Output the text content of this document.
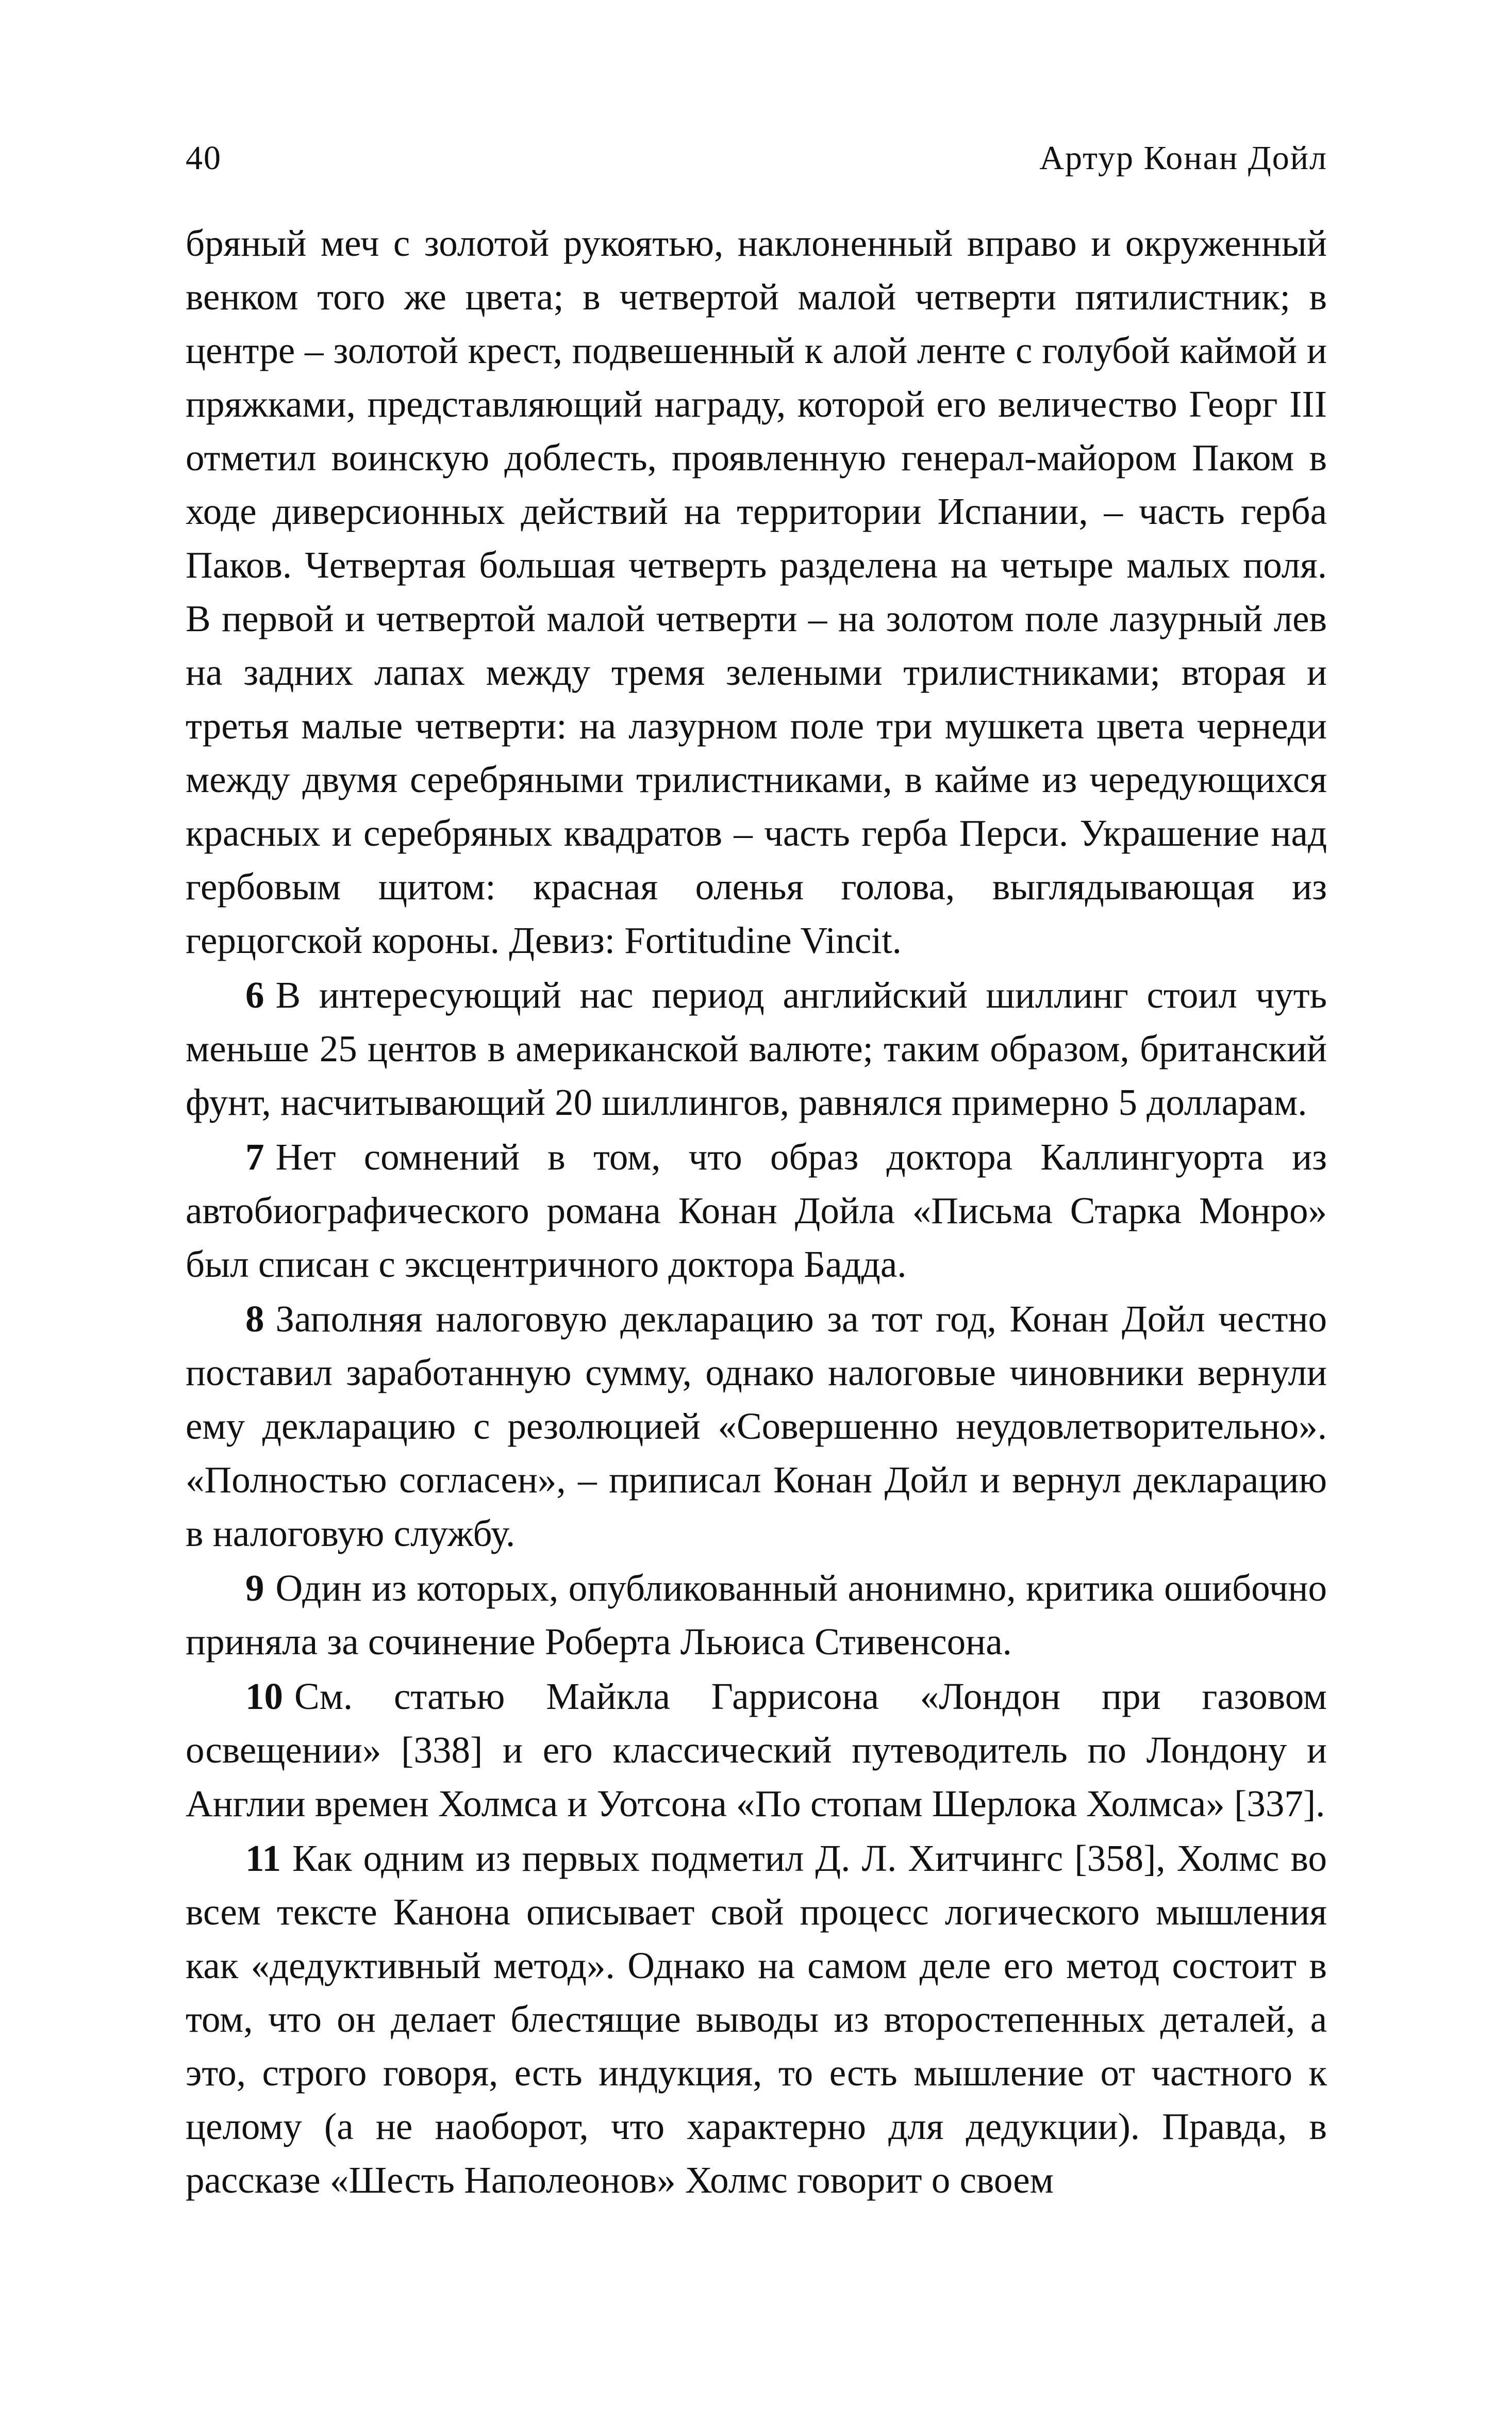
40	Артур Конан Дойл

бряный меч с золотой рукоятью, наклоненный вправо и окруженный венком того же цвета; в четвертой малой четверти пятилистник; в центре – золотой крест, подвешенный к алой ленте с голубой каймой и пряжками, представляющий награду, которой его величество Георг III отметил воинскую доблесть, проявленную генерал-майором Паком в ходе диверсионных действий на территории Испании, – часть герба Паков. Четвертая большая четверть разделена на четыре малых поля. В первой и четвертой малой четверти – на золотом поле лазурный лев на задних лапах между тремя зелеными трилистниками; вторая и третья малые четверти: на лазурном поле три мушкета цвета чернеди между двумя серебряными трилистниками, в кайме из чередующихся красных и серебряных квадратов – часть герба Перси. Украшение над гербовым щитом: красная оленья голова, выглядывающая из герцогской короны. Девиз: Fortitudine Vincit.

6 В интересующий нас период английский шиллинг стоил чуть меньше 25 центов в американской валюте; таким образом, британский фунт, насчитывающий 20 шиллингов, равнялся примерно 5 долларам.

7 Нет сомнений в том, что образ доктора Каллингуорта из автобиографического романа Конан Дойла «Письма Старка Монро» был списан с эксцентричного доктора Бадда.

8 Заполняя налоговую декларацию за тот год, Конан Дойл честно поставил заработанную сумму, однако налоговые чиновники вернули ему декларацию с резолюцией «Совершенно неудовлетворительно». «Полностью согласен», – приписал Конан Дойл и вернул декларацию в налоговую службу.

9 Один из которых, опубликованный анонимно, критика ошибочно приняла за сочинение Роберта Льюиса Стивенсона.

10 См. статью Майкла Гаррисона «Лондон при газовом освещении» [338] и его классический путеводитель по Лондону и Англии времен Холмса и Уотсона «По стопам Шерлока Холмса» [337].

11 Как одним из первых подметил Д. Л. Хитчингс [358], Холмс во всем тексте Канона описывает свой процесс логического мышления как «дедуктивный метод». Однако на самом деле его метод состоит в том, что он делает блестящие выводы из второстепенных деталей, а это, строго говоря, есть индукция, то есть мышление от частного к целому (а не наоборот, что характерно для дедукции). Правда, в рассказе «Шесть Наполеонов» Холмс говорит о своем
